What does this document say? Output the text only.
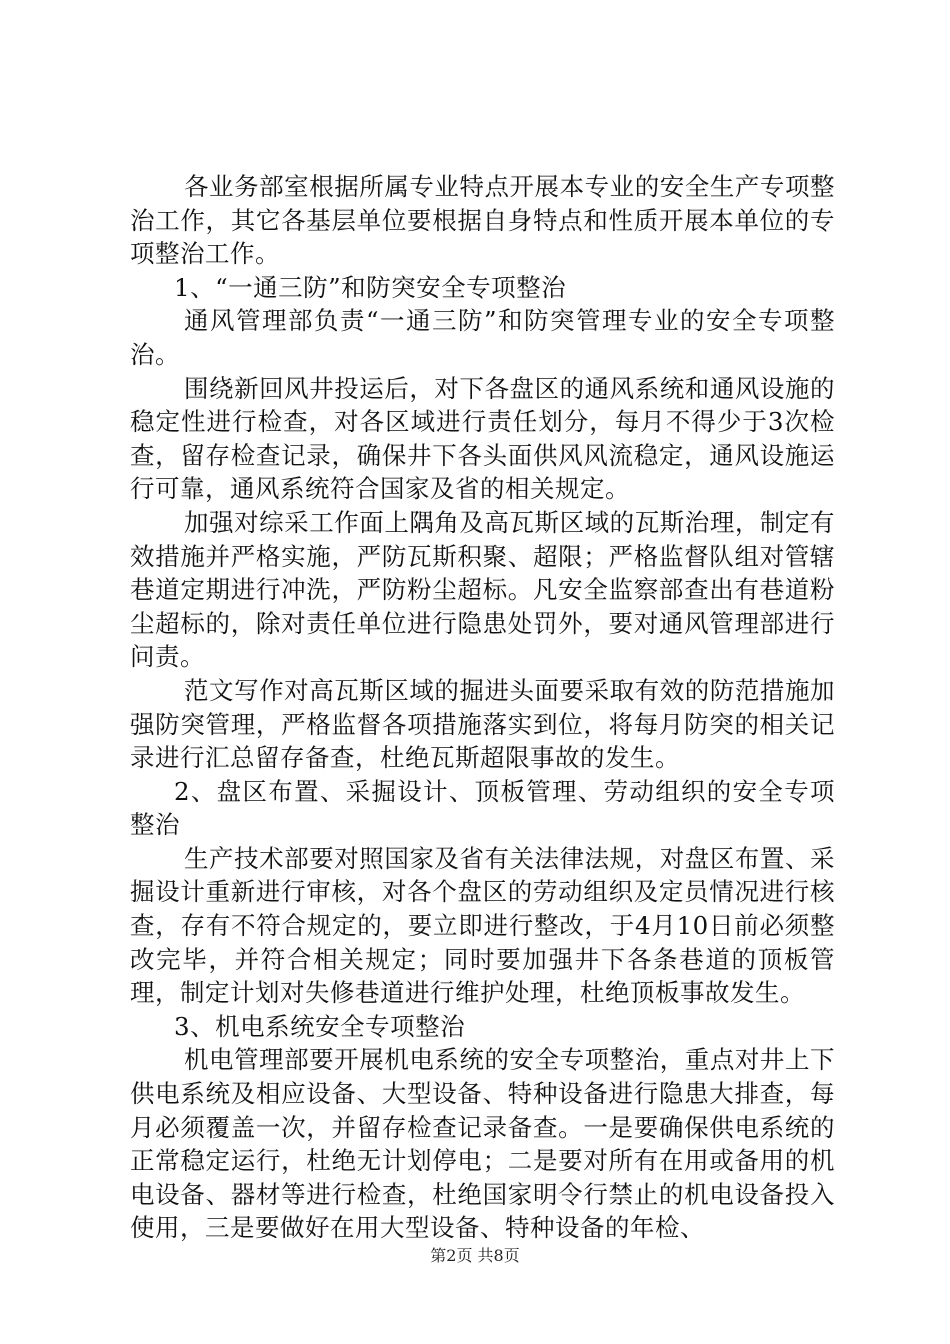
各业务部室根据所属专业特点开展本专业的安全生产专项整治工作，其它各基层单位要根据自身特点和性质开展本单位的专项整治工作。

1、“一通三防”和防突安全专项整治

通风管理部负责“一通三防”和防突管理专业的安全专项整治。

围绕新回风井投运后，对下各盘区的通风系统和通风设施的稳定性进行检查，对各区域进行责任划分，每月不得少于3次检查，留存检查记录，确保井下各头面供风风流稳定，通风设施运行可靠，通风系统符合国家及省的相关规定。

加强对综采工作面上隅角及高瓦斯区域的瓦斯治理，制定有效措施并严格实施，严防瓦斯积聚、超限；严格监督队组对管辖巷道定期进行冲洗，严防粉尘超标。凡安全监察部查出有巷道粉尘超标的，除对责任单位进行隐患处罚外，要对通风管理部进行问责。

范文写作对高瓦斯区域的掘进头面要采取有效的防范措施加强防突管理，严格监督各项措施落实到位，将每月防突的相关记录进行汇总留存备查，杜绝瓦斯超限事故的发生。

2、盘区布置、采掘设计、顶板管理、劳动组织的安全专项整治

生产技术部要对照国家及省有关法律法规，对盘区布置、采掘设计重新进行审核，对各个盘区的劳动组织及定员情况进行核查，存有不符合规定的，要立即进行整改，于4月10日前必须整改完毕，并符合相关规定；同时要加强井下各条巷道的顶板管理，制定计划对失修巷道进行维护处理，杜绝顶板事故发生。

3、机电系统安全专项整治

机电管理部要开展机电系统的安全专项整治，重点对井上下供电系统及相应设备、大型设备、特种设备进行隐患大排查，每月必须覆盖一次，并留存检查记录备查。一是要确保供电系统的正常稳定运行，杜绝无计划停电；二是要对所有在用或备用的机电设备、器材等进行检查，杜绝国家明令行禁止的机电设备投入使用，三是要做好在用大型设备、特种设备的年检、

第2页 共8页
